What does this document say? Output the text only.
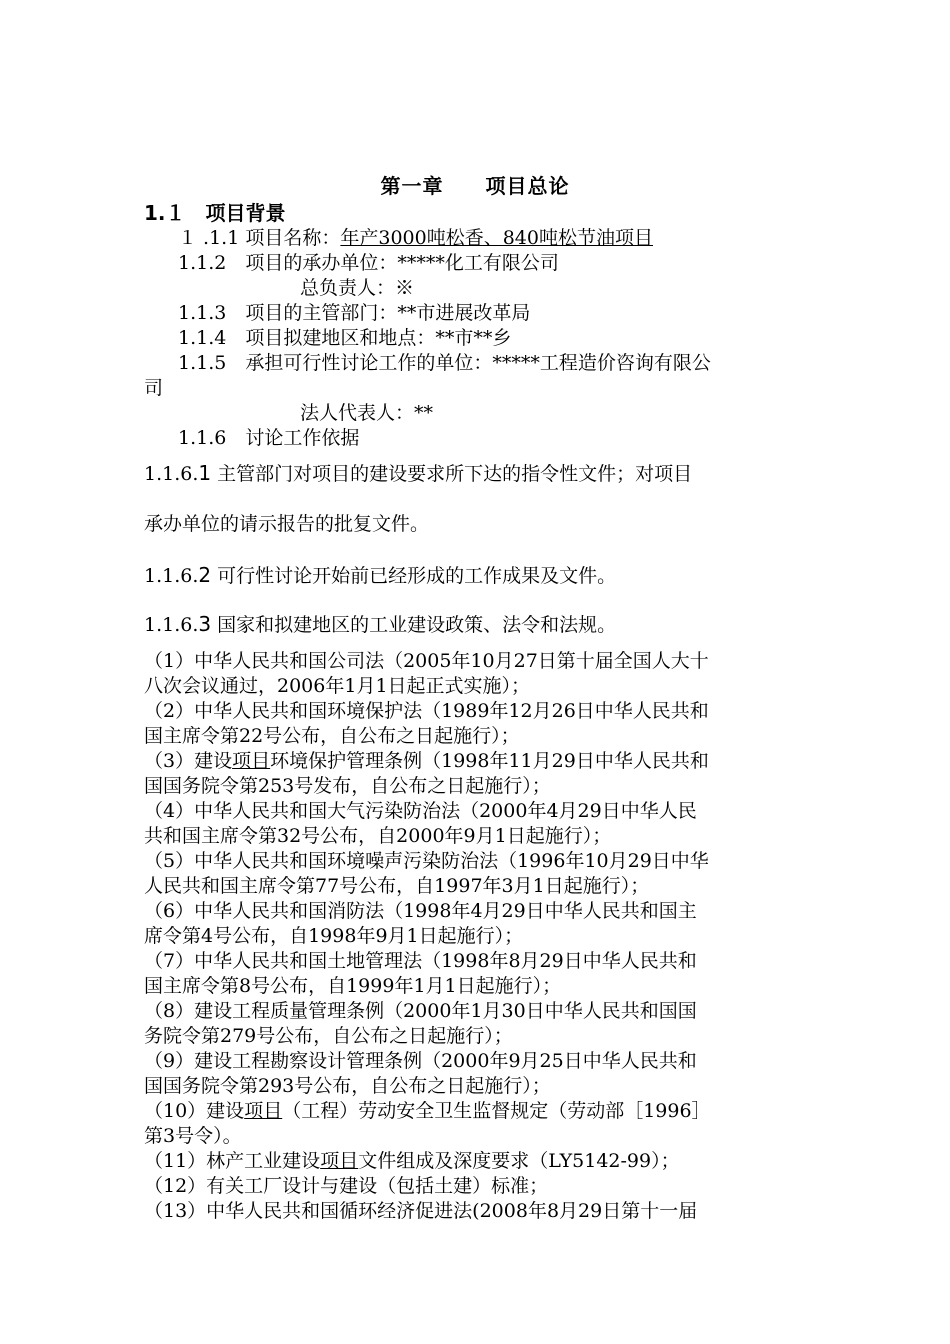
第一章　　项目总论
1.１　项目背景
１ .1.1 项目名称：年产3000吨松香、840吨松节油项目
1.1.2　项目的承办单位：*****化工有限公司
总负责人：※
1.1.3　项目的主管部门：**市进展改革局
1.1.4　项目拟建地区和地点：**市**乡
1.1.5　承担可行性讨论工作的单位：*****工程造价咨询有限公
司
法人代表人：**
1.1.6　讨论工作依据
1.1.6.1 主管部门对项目的建设要求所下达的指令性文件；对项目
承办单位的请示报告的批复文件。
1.1.6.2 可行性讨论开始前已经形成的工作成果及文件。
1.1.6.3 国家和拟建地区的工业建设政策、法令和法规。
（1）中华人民共和国公司法（2005年10月27日第十届全国人大十
八次会议通过，2006年1月1日起正式实施）；
（2）中华人民共和国环境保护法（1989年12月26日中华人民共和
国主席令第22号公布，自公布之日起施行）；
（3）建设项目环境保护管理条例（1998年11月29日中华人民共和
国国务院令第253号发布，自公布之日起施行）；
（4）中华人民共和国大气污染防治法（2000年4月29日中华人民
共和国主席令第32号公布，自2000年9月1日起施行）；
（5）中华人民共和国环境噪声污染防治法（1996年10月29日中华
人民共和国主席令第77号公布，自1997年3月1日起施行）；
（6）中华人民共和国消防法（1998年4月29日中华人民共和国主
席令第4号公布，自1998年9月1日起施行）；
（7）中华人民共和国土地管理法（1998年8月29日中华人民共和
国主席令第8号公布，自1999年1月1日起施行）；
（8）建设工程质量管理条例（2000年1月30日中华人民共和国国
务院令第279号公布，自公布之日起施行）；
（9）建设工程勘察设计管理条例（2000年9月25日中华人民共和
国国务院令第293号公布，自公布之日起施行）；
（10）建设项目（工程）劳动安全卫生监督规定（劳动部［1996］
第3号令）。
（11）林产工业建设项目文件组成及深度要求（LY5142-99）；
（12）有关工厂设计与建设（包括土建）标准；
（13）中华人民共和国循环经济促进法(2008年8月29日第十一届
